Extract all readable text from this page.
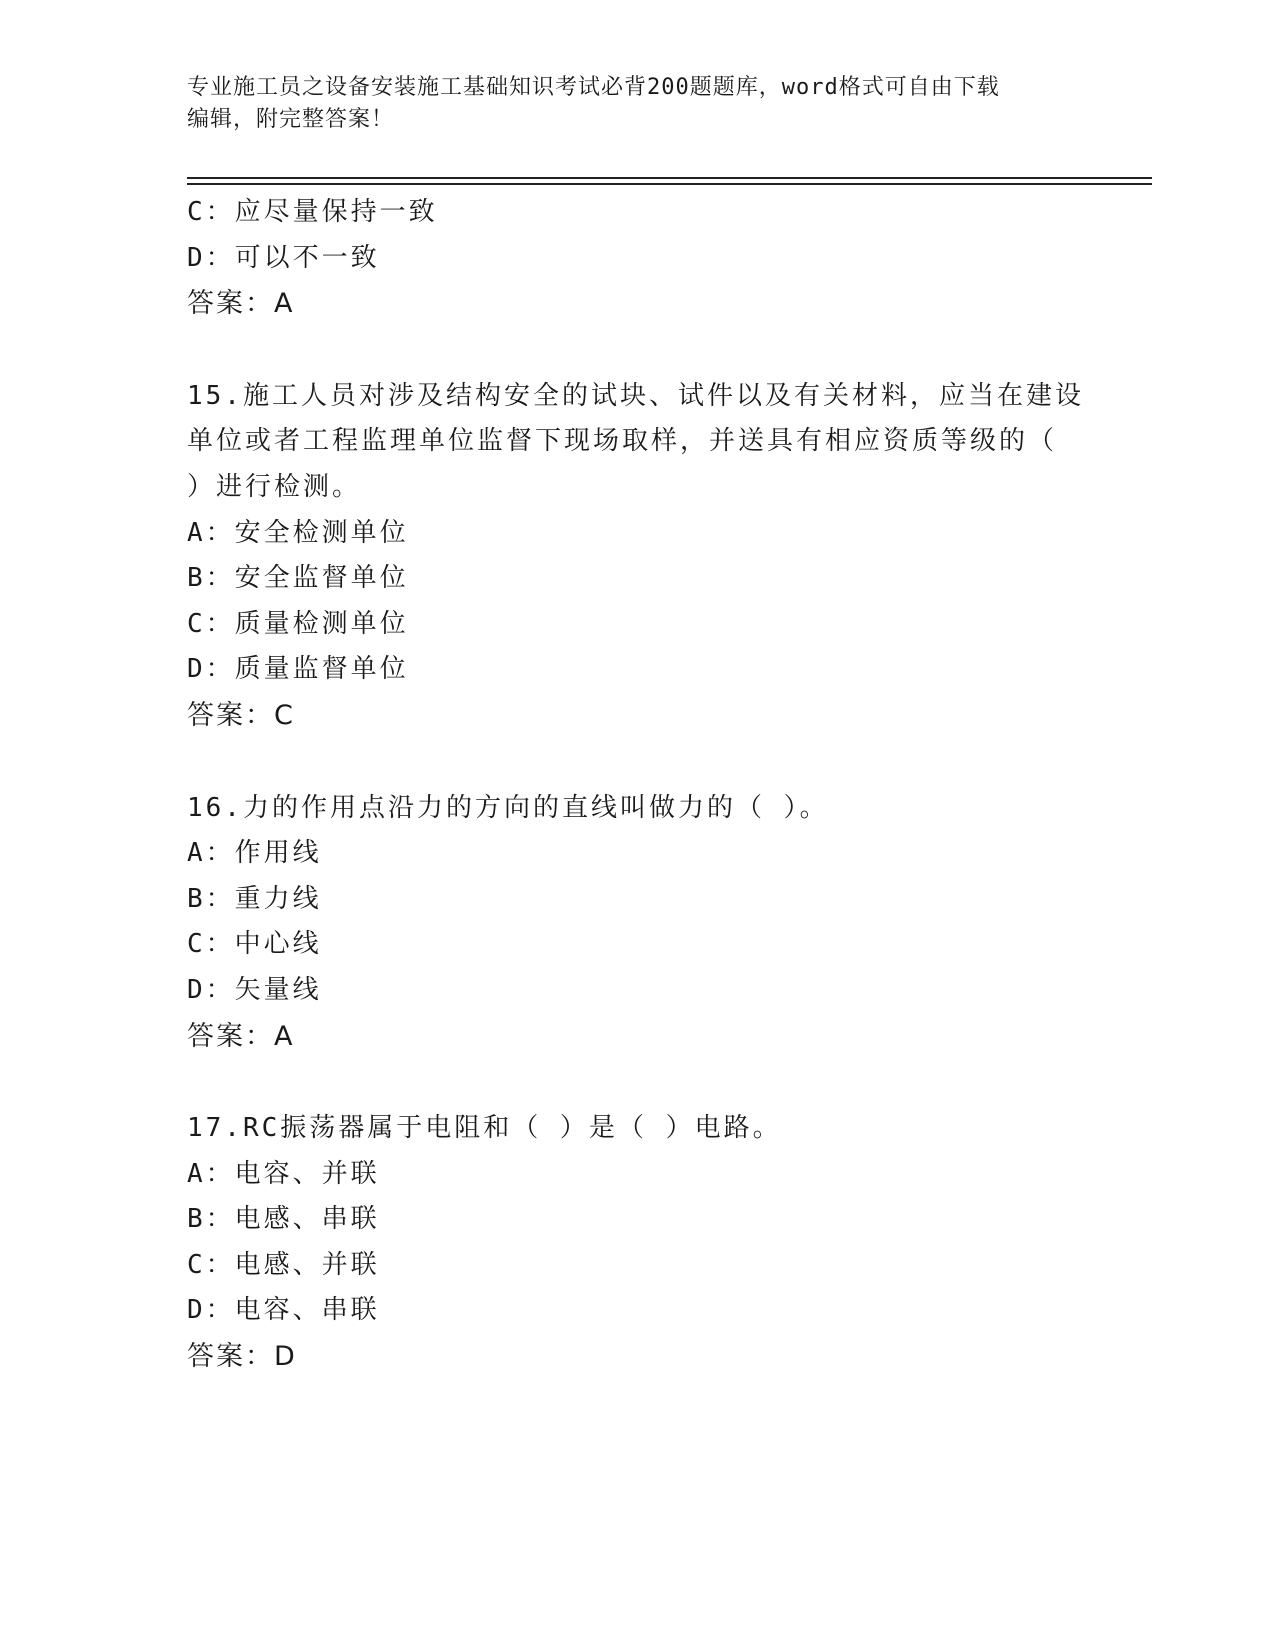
专业施工员之设备安装施工基础知识考试必背200题题库，word格式可自由下载
编辑，附完整答案！
C：应尽量保持一致
D：可以不一致
答案：A
15.施工人员对涉及结构安全的试块、试件以及有关材料，应当在建设
单位或者工程监理单位监督下现场取样，并送具有相应资质等级的（
）进行检测。
A：安全检测单位
B：安全监督单位
C：质量检测单位
D：质量监督单位
答案：C
16.力的作用点沿力的方向的直线叫做力的（ ）。
A：作用线
B：重力线
C：中心线
D：矢量线
答案：A
17.RC振荡器属于电阻和（ ）是（ ）电路。
A：电容、并联
B：电感、串联
C：电感、并联
D：电容、串联
答案：D
